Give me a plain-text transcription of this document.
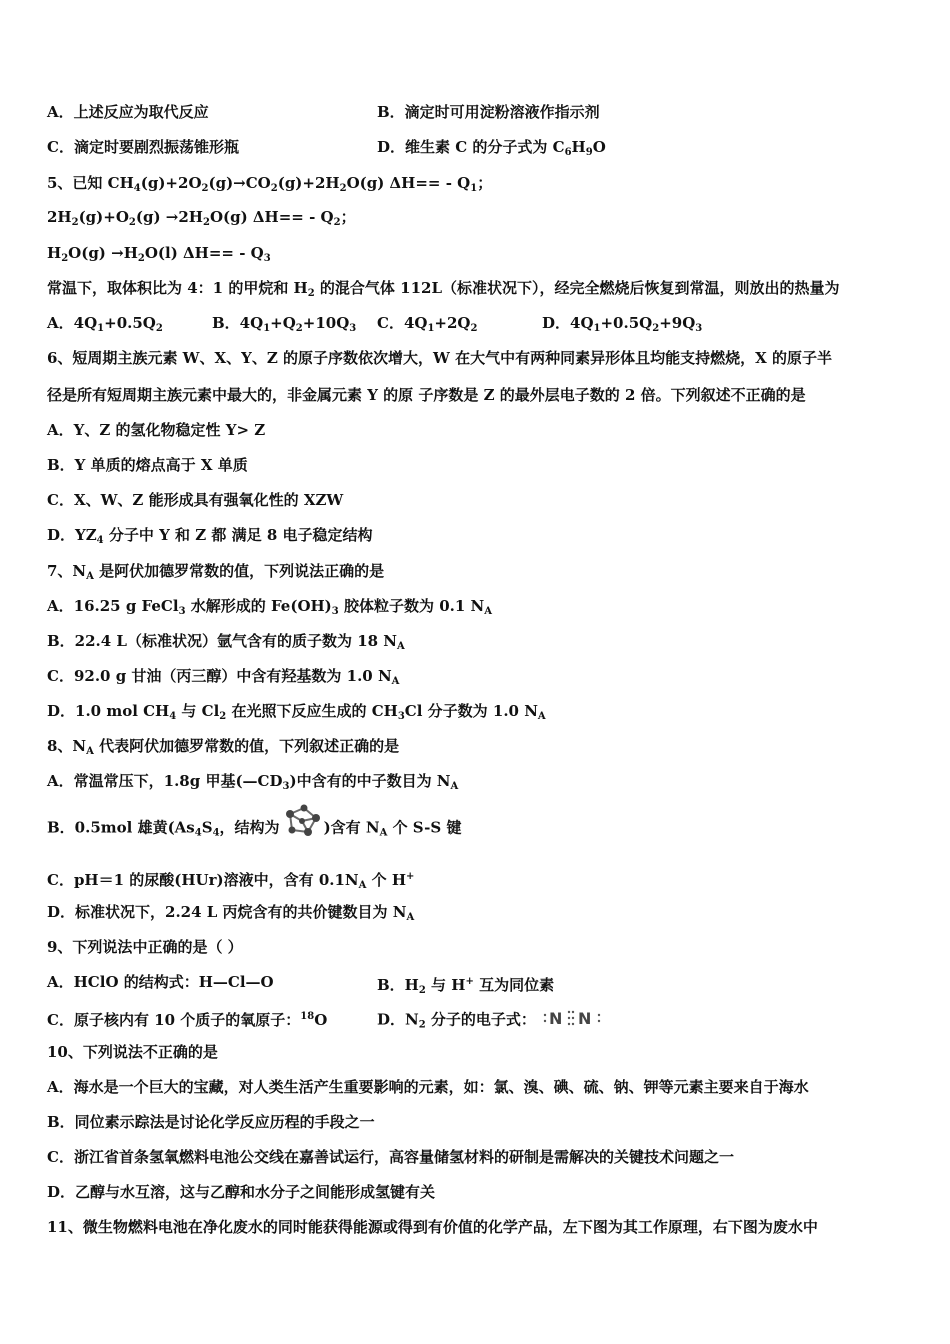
A．上述反应为取代反应	B．滴定时可用淀粉溶液作指示剂
C．滴定时要剧烈振荡锥形瓶	D．维生素 C 的分子式为 $C_6H_9O$
5、已知 $CH_4(g)+2O_2(g)\to CO_2(g)+2H_2O(g)$ $\Delta H== - Q_1$；
$2H_2(g)+O_2(g) \to 2H_2O(g)$ $\Delta H== - Q_2$；
$H_2O(g) \to H_2O(l)$ $\Delta H== - Q_3$
常温下，取体积比为 4：1 的甲烷和 $H_2$ 的混合气体 112L（标准状况下），经完全燃烧后恢复到常温，则放出的热量为
A．$4Q_1+0.5Q_2$	B．$4Q_1+Q_2+10Q_3$ C．$4Q_1+2Q_2$	D．$4Q_1+0.5Q_2+9Q_3$
6、短周期主族元素 W、X、Y、Z 的原子序数依次增大，W 在大气中有两种同素异形体且均能支持燃烧，X 的原子半
径是所有短周期主族元素中最大的，非金属元素 Y 的原 子序数是 Z 的最外层电子数的 2 倍。下列叙述不正确的是
A．Y、Z 的氢化物稳定性 Y> Z
B．Y 单质的熔点高于 X 单质
C．X、W、Z 能形成具有强氧化性的 XZW
D．$YZ_4$ 分子中 Y 和 Z 都 满足 8 电子稳定结构
7、$N_A$ 是阿伏加德罗常数的值，下列说法正确的是
A．16.25 g FeCl$_3$ 水解形成的 $Fe(OH)_3$ 胶体粒子数为 0.1 $N_A$
B．22.4 L（标准状况）氩气含有的质子数为 18 $N_A$
C．92.0 g 甘油（丙三醇）中含有羟基数为 1.0 $N_A$
D．1.0 mol $CH_4$ 与 $Cl_2$ 在光照下反应生成的 $CH_3Cl$ 分子数为 1.0 $N_A$
8、$N_A$ 代表阿伏加德罗常数的值，下列叙述正确的是
A．常温常压下，1.8g 甲基$(—CD_3)$中含有的中子数目为 $N_A$
B．0.5mol 雄黄($As_4S_4$，结构为	)含有 $N_A$ 个 S-S 键
C．pH＝1 的尿酸(HUr)溶液中，含有 $0.1N_A$ 个 H+
D．标准状况下，2.24 L 丙烷含有的共价键数目为 $N_A$
9、下列说法中正确的是（ ）
A．HClO 的结构式：H—Cl—O	B．$H_2$ 与 H+ 互为同位素
C．原子核内有 10 个质子的氧原子：$^{18}$O	D．$N_2$ 分子的电子式： N N
10、下列说法不正确的是
A．海水是一个巨大的宝藏，对人类生活产生重要影响的元素，如：氯、溴、碘、硫、钠、钾等元素主要来自于海水
B．同位素示踪法是讨论化学反应历程的手段之一
C．浙江省首条氢氧燃料电池公交线在嘉善试运行，高容量储氢材料的研制是需解决的关键技术问题之一
D．乙醇与水互溶，这与乙醇和水分子之间能形成氢键有关
11、微生物燃料电池在净化废水的同时能获得能源或得到有价值的化学产品，左下图为其工作原理，右下图为废水中
